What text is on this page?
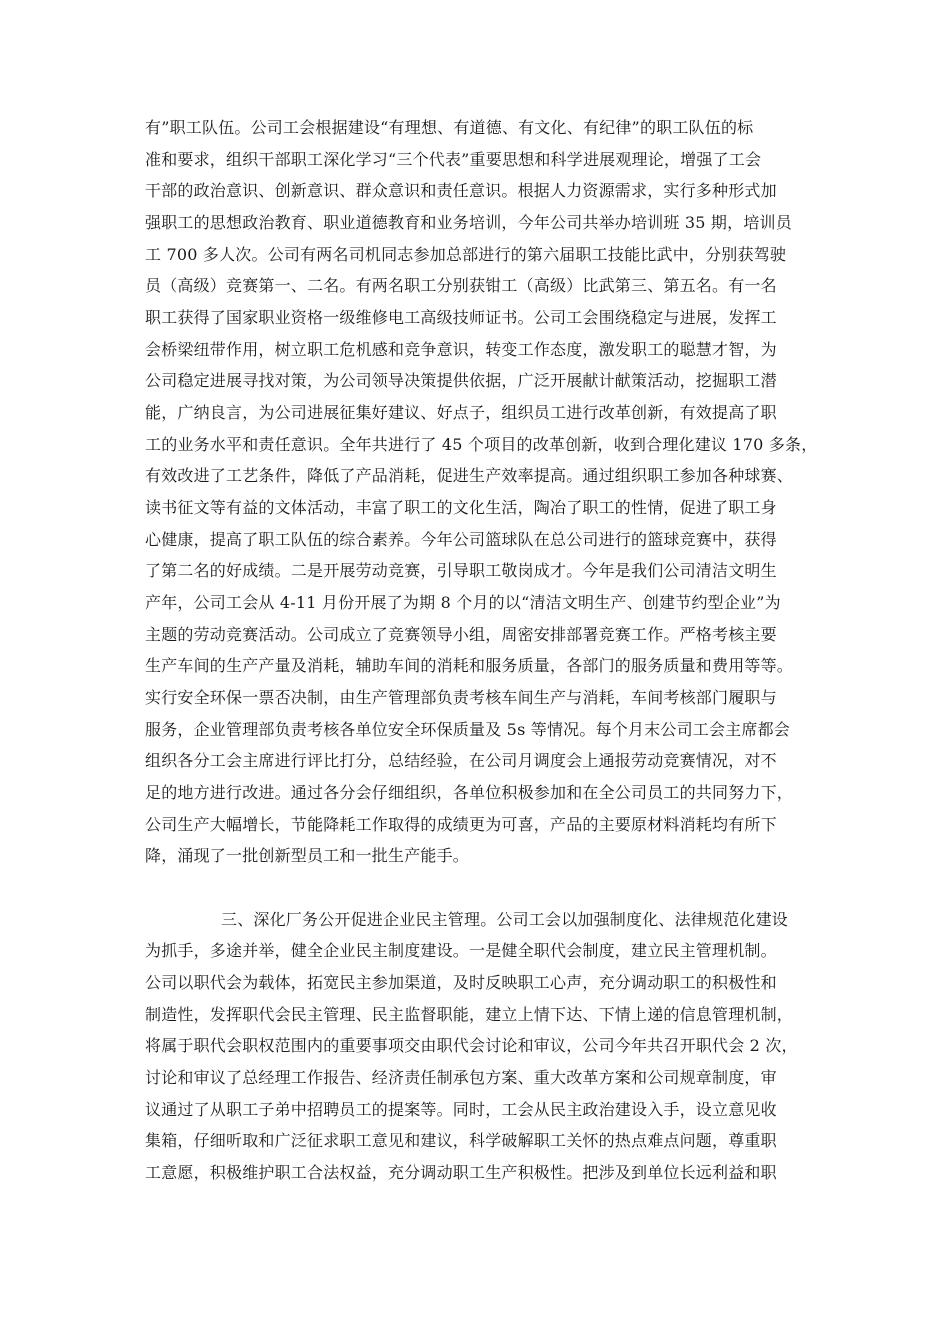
有”职工队伍。公司工会根据建设“有理想、有道德、有文化、有纪律”的职工队伍的标
准和要求，组织干部职工深化学习“三个代表”重要思想和科学进展观理论，增强了工会
干部的政治意识、创新意识、群众意识和责任意识。根据人力资源需求，实行多种形式加
强职工的思想政治教育、职业道德教育和业务培训，今年公司共举办培训班 35 期，培训员
工 700 多人次。公司有两名司机同志参加总部进行的第六届职工技能比武中，分别获驾驶
员（高级）竞赛第一、二名。有两名职工分别获钳工（高级）比武第三、第五名。有一名
职工获得了国家职业资格一级维修电工高级技师证书。公司工会围绕稳定与进展，发挥工
会桥梁纽带作用，树立职工危机感和竞争意识，转变工作态度，激发职工的聪慧才智，为
公司稳定进展寻找对策，为公司领导决策提供依据，广泛开展献计献策活动，挖掘职工潜
能，广纳良言，为公司进展征集好建议、好点子，组织员工进行改革创新，有效提高了职
工的业务水平和责任意识。全年共进行了 45 个项目的改革创新，收到合理化建议 170 多条，
有效改进了工艺条件，降低了产品消耗，促进生产效率提高。通过组织职工参加各种球赛、
读书征文等有益的文体活动，丰富了职工的文化生活，陶冶了职工的性情，促进了职工身
心健康，提高了职工队伍的综合素养。今年公司篮球队在总公司进行的篮球竞赛中，获得
了第二名的好成绩。二是开展劳动竞赛，引导职工敬岗成才。今年是我们公司清洁文明生
产年，公司工会从 4-11 月份开展了为期 8 个月的以“清洁文明生产、创建节约型企业”为
主题的劳动竞赛活动。公司成立了竞赛领导小组，周密安排部署竞赛工作。严格考核主要
生产车间的生产产量及消耗，辅助车间的消耗和服务质量，各部门的服务质量和费用等等。
实行安全环保一票否决制，由生产管理部负责考核车间生产与消耗，车间考核部门履职与
服务，企业管理部负责考核各单位安全环保质量及 5s 等情况。每个月末公司工会主席都会
组织各分工会主席进行评比打分，总结经验，在公司月调度会上通报劳动竞赛情况，对不
足的地方进行改进。通过各分会仔细组织，各单位积极参加和在全公司员工的共同努力下，
公司生产大幅增长，节能降耗工作取得的成绩更为可喜，产品的主要原材料消耗均有所下
降，涌现了一批创新型员工和一批生产能手。
三、深化厂务公开促进企业民主管理。公司工会以加强制度化、法律规范化建设
为抓手，多途并举，健全企业民主制度建设。一是健全职代会制度，建立民主管理机制。
公司以职代会为载体，拓宽民主参加渠道，及时反映职工心声，充分调动职工的积极性和
制造性，发挥职代会民主管理、民主监督职能，建立上情下达、下情上递的信息管理机制，
将属于职代会职权范围内的重要事项交由职代会讨论和审议，公司今年共召开职代会 2 次，
讨论和审议了总经理工作报告、经济责任制承包方案、重大改革方案和公司规章制度，审
议通过了从职工子弟中招聘员工的提案等。同时，工会从民主政治建设入手，设立意见收
集箱，仔细听取和广泛征求职工意见和建议，科学破解职工关怀的热点难点问题，尊重职
工意愿，积极维护职工合法权益，充分调动职工生产积极性。把涉及到单位长远利益和职
